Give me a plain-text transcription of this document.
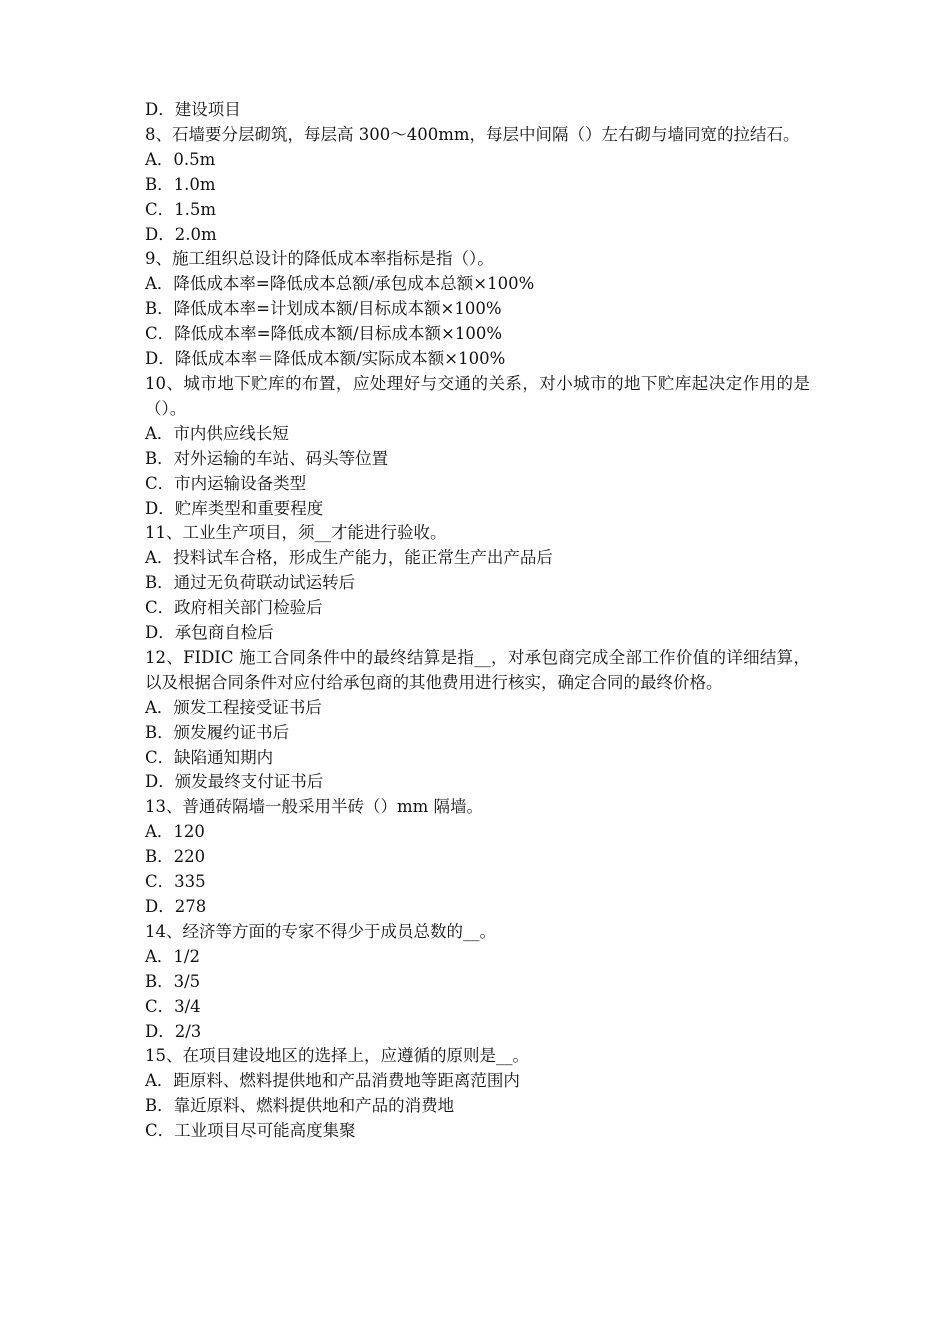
D．建设项目

8、石墙要分层砌筑，每层高 300～400mm，每层中间隔（）左右砌与墙同宽的拉结石。

A．0.5m

B．1.0m

C．1.5m

D．2.0m

9、施工组织总设计的降低成本率指标是指（）。

A．降低成本率=降低成本总额/承包成本总额×100%

B．降低成本率=计划成本额/目标成本额×100%

C．降低成本率=降低成本额/目标成本额×100%

D．降低成本率＝降低成本额/实际成本额×100%

10、城市地下贮库的布置，应处理好与交通的关系，对小城市的地下贮库起决定作用的是（）。

A．市内供应线长短

B．对外运输的车站、码头等位置

C．市内运输设备类型

D．贮库类型和重要程度

11、工业生产项目，须__才能进行验收。

A．投料试车合格，形成生产能力，能正常生产出产品后

B．通过无负荷联动试运转后

C．政府相关部门检验后

D．承包商自检后

12、FIDIC 施工合同条件中的最终结算是指__，对承包商完成全部工作价值的详细结算，以及根据合同条件对应付给承包商的其他费用进行核实，确定合同的最终价格。

A．颁发工程接受证书后

B．颁发履约证书后

C．缺陷通知期内

D．颁发最终支付证书后

13、普通砖隔墙一般采用半砖（）mm 隔墙。

A．120

B．220

C．335

D．278

14、经济等方面的专家不得少于成员总数的__。

A．1/2

B．3/5

C．3/4

D．2/3

15、在项目建设地区的选择上，应遵循的原则是__。

A．距原料、燃料提供地和产品消费地等距离范围内

B．靠近原料、燃料提供地和产品的消费地

C．工业项目尽可能高度集聚
